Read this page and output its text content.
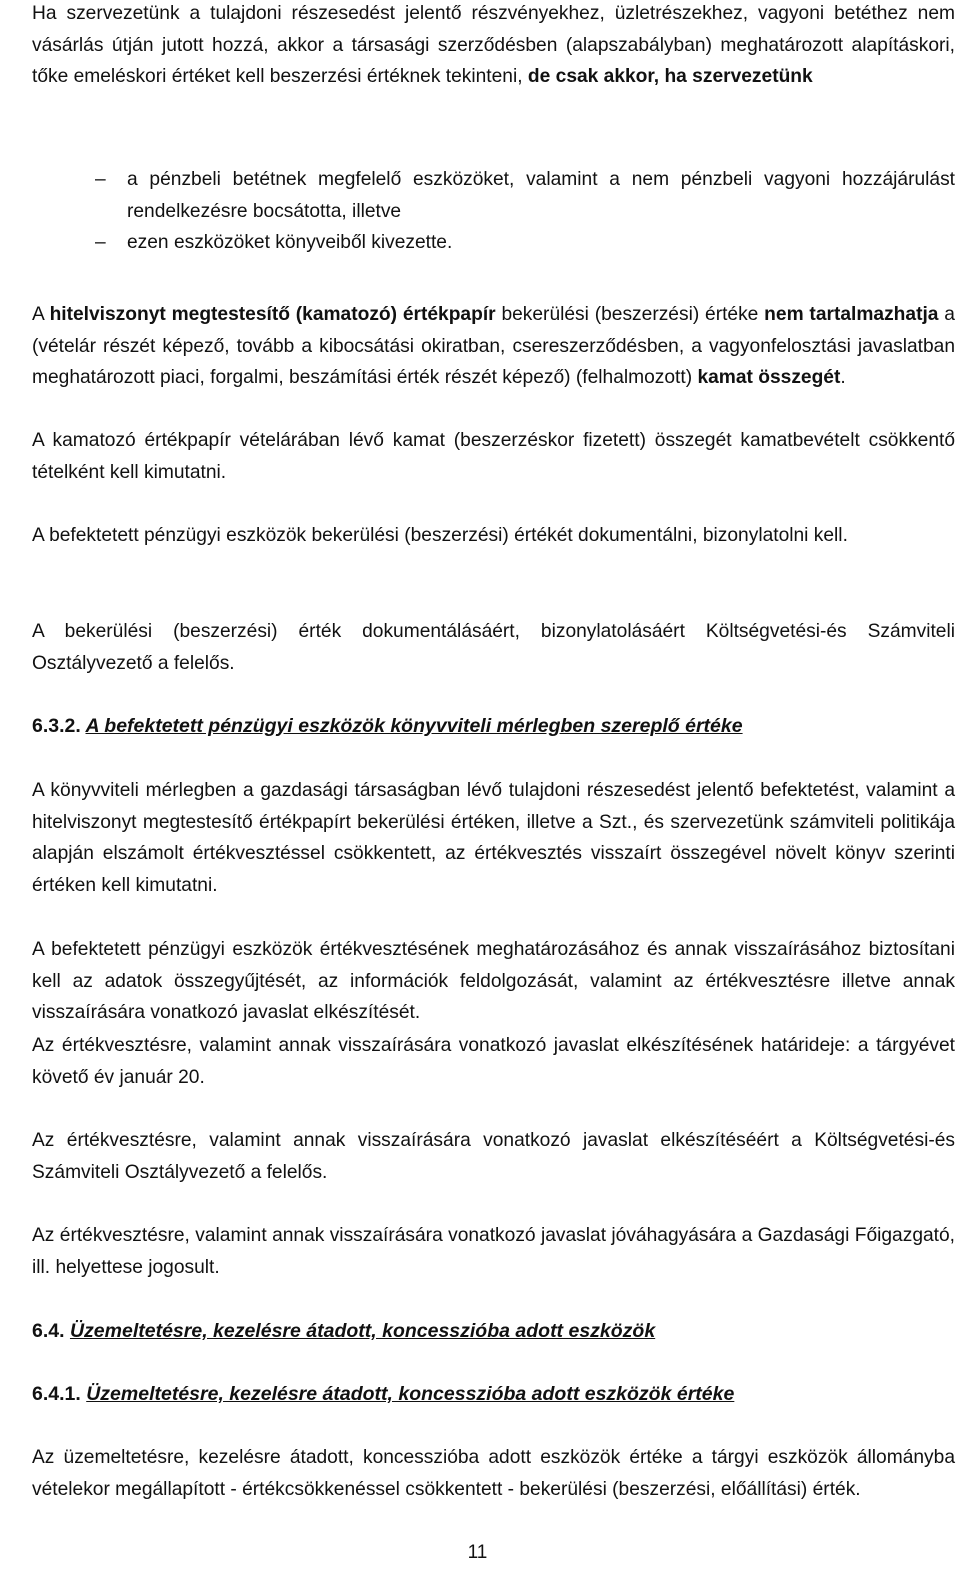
Ha szervezetünk a tulajdoni részesedést jelentő részvényekhez, üzletrészekhez, vagyoni betéthez nem vásárlás útján jutott hozzá, akkor a társasági szerződésben (alapszabályban) meghatározott alapításkori, tőke emeléskori értéket kell beszerzési értéknek tekinteni, de csak akkor, ha szervezetünk

– a pénzbeli betétnek megfelelő eszközöket, valamint a nem pénzbeli vagyoni hozzájárulást rendelkezésre bocsátotta, illetve
– ezen eszközöket könyveiből kivezette.

A hitelviszonyt megtestesítő (kamatozó) értékpapír bekerülési (beszerzési) értéke nem tartalmazhatja a (vételár részét képező, tovább a kibocsátási okiratban, csereszerződésben, a vagyonfelosztási javaslatban meghatározott piaci, forgalmi, beszámítási érték részét képező) (felhalmozott) kamat összegét.

A kamatozó értékpapír vételárában lévő kamat (beszerzéskor fizetett) összegét kamatbevételt csökkentő tételként kell kimutatni.

A befektetett pénzügyi eszközök bekerülési (beszerzési) értékét dokumentálni, bizonylatolni kell.

A bekerülési (beszerzési) érték dokumentálásáért, bizonylatolásáért Költségvetési-és Számviteli Osztályvezető a felelős.

6.3.2. A befektetett pénzügyi eszközök könyvviteli mérlegben szereplő értéke

A könyvviteli mérlegben a gazdasági társaságban lévő tulajdoni részesedést jelentő befektetést, valamint a hitelviszonyt megtestesítő értékpapírt bekerülési értéken, illetve a Szt., és szervezetünk számviteli politikája alapján elszámolt értékvesztéssel csökkentett, az értékvesztés visszaírt összegével növelt könyv szerinti értéken kell kimutatni.

A befektetett pénzügyi eszközök értékvesztésének meghatározásához és annak visszaírásához biztosítani kell az adatok összegyűjtését, az információk feldolgozását, valamint az értékvesztésre illetve annak visszaírására vonatkozó javaslat elkészítését.

Az értékvesztésre, valamint annak visszaírására vonatkozó javaslat elkészítésének határideje: a tárgyévet követő év január 20.

Az értékvesztésre, valamint annak visszaírására vonatkozó javaslat elkészítéséért a Költségvetési-és Számviteli Osztályvezető a felelős.

Az értékvesztésre, valamint annak visszaírására vonatkozó javaslat jóváhagyására a Gazdasági Főigazgató, ill. helyettese jogosult.

6.4. Üzemeltetésre, kezelésre átadott, koncesszióba adott eszközök
6.4.1. Üzemeltetésre, kezelésre átadott, koncesszióba adott eszközök értéke

Az üzemeltetésre, kezelésre átadott, koncesszióba adott eszközök értéke a tárgyi eszközök állományba vételekor megállapított - értékcsökkenéssel csökkentett - bekerülési (beszerzési, előállítási) érték.

11
